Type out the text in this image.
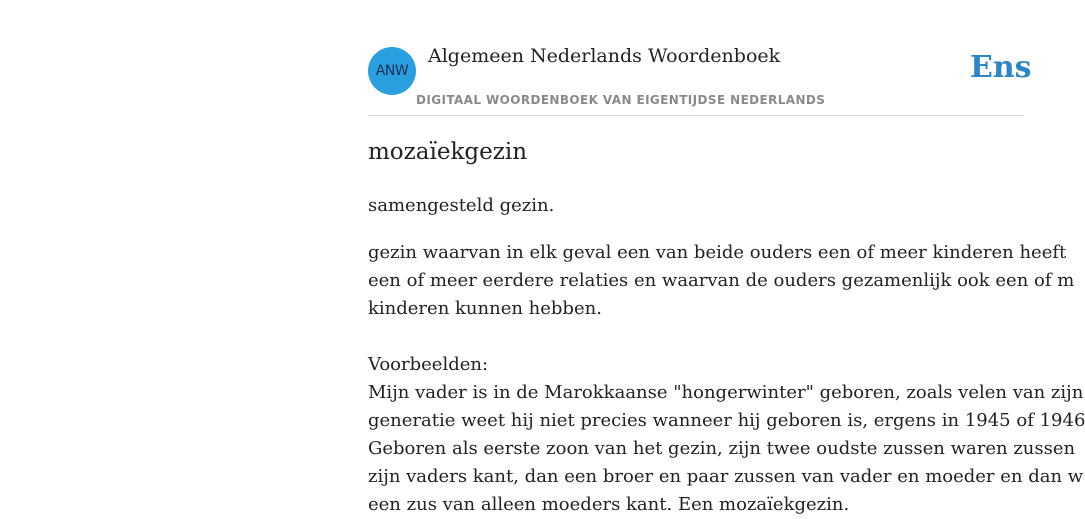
ANW
Algemeen Nederlands Woordenboek
DIGITAAL WOORDENBOEK VAN EIGENTIJDSE NEDERLANDS
Ens
mozaïekgezin

samengesteld gezin.

gezin waarvan in elk geval een van beide ouders een of meer kinderen heeft
een of meer eerdere relaties en waarvan de ouders gezamenlijk ook een of m
kinderen kunnen hebben.

Voorbeelden:

Mijn vader is in de Marokkaanse "hongerwinter" geboren, zoals velen van zijn
generatie weet hij niet precies wanneer hij geboren is, ergens in 1945 of 1946
Geboren als eerste zoon van het gezin, zijn twee oudste zussen waren zussen
zijn vaders kant, dan een broer en paar zussen van vader en moeder en dan w
een zus van alleen moeders kant. Een mozaïekgezin.
